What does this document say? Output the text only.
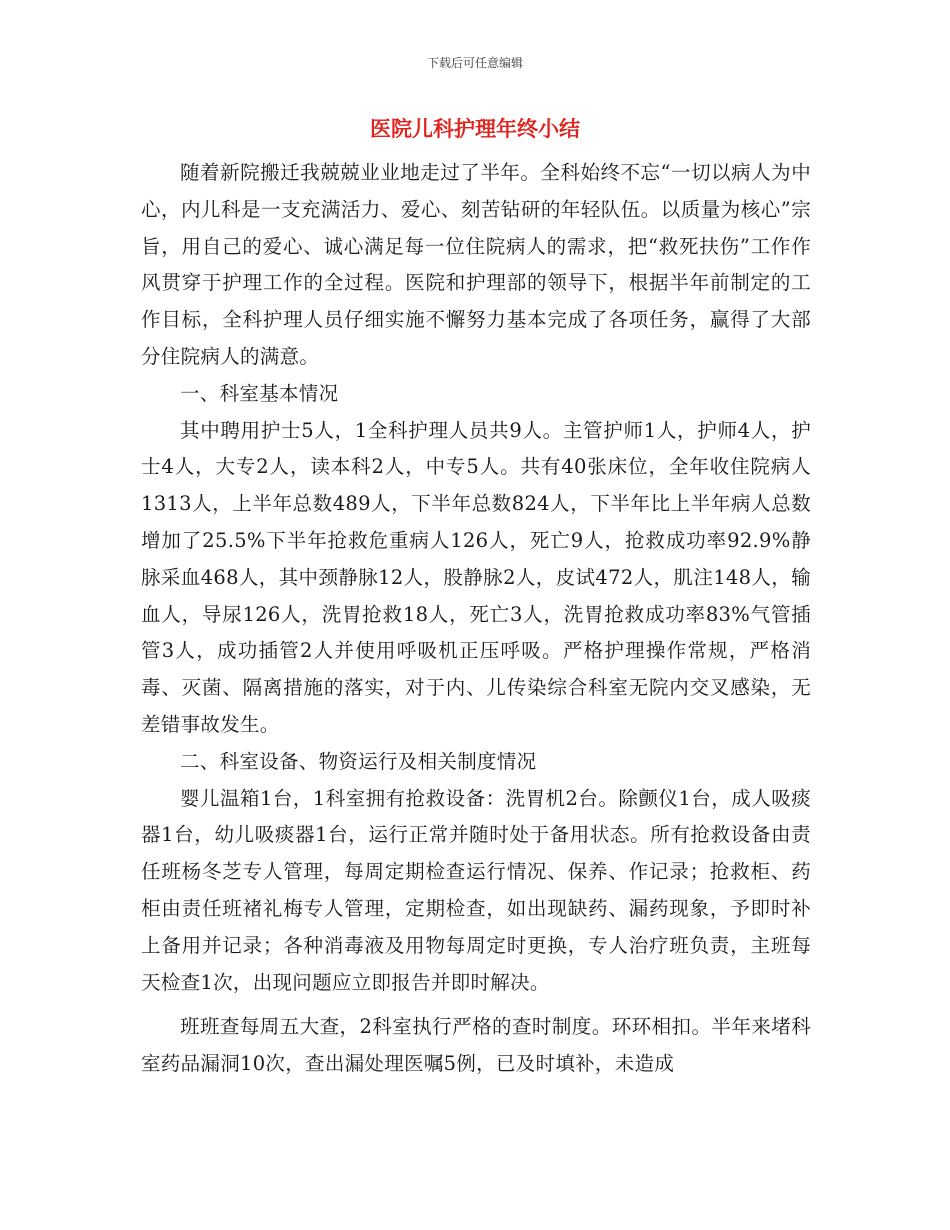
下载后可任意编辑
医院儿科护理年终小结

随着新院搬迁我兢兢业业地走过了半年。全科始终不忘“一切以病人为中心，内儿科是一支充满活力、爱心、刻苦钻研的年轻队伍。以质量为核心”宗旨，用自己的爱心、诚心满足每一位住院病人的需求，把“救死扶伤”工作作风贯穿于护理工作的全过程。医院和护理部的领导下，根据半年前制定的工作目标，全科护理人员仔细实施不懈努力基本完成了各项任务，赢得了大部分住院病人的满意。

一、科室基本情况

其中聘用护士5人，1全科护理人员共9人。主管护师1人，护师4人，护士4人，大专2人，读本科2人，中专5人。共有40张床位，全年收住院病人1313人，上半年总数489人，下半年总数824人，下半年比上半年病人总数增加了25.5%下半年抢救危重病人126人，死亡9人，抢救成功率92.9%静脉采血468人，其中颈静脉12人，股静脉2人，皮试472人，肌注148人，输血人，导尿126人，洗胃抢救18人，死亡3人，洗胃抢救成功率83%气管插管3人，成功插管2人并使用呼吸机正压呼吸。严格护理操作常规，严格消毒、灭菌、隔离措施的落实，对于内、儿传染综合科室无院内交叉感染，无差错事故发生。

二、科室设备、物资运行及相关制度情况

婴儿温箱1台，1科室拥有抢救设备：洗胃机2台。除颤仪1台，成人吸痰器1台，幼儿吸痰器1台，运行正常并随时处于备用状态。所有抢救设备由责任班杨冬芝专人管理，每周定期检查运行情况、保养、作记录；抢救柜、药柜由责任班褚礼梅专人管理，定期检查，如出现缺药、漏药现象，予即时补上备用并记录；各种消毒液及用物每周定时更换，专人治疗班负责，主班每天检查1次，出现问题应立即报告并即时解决。

班班查每周五大查，2科室执行严格的查时制度。环环相扣。半年来堵科室药品漏洞10次，查出漏处理医嘱5例，已及时填补，未造成
